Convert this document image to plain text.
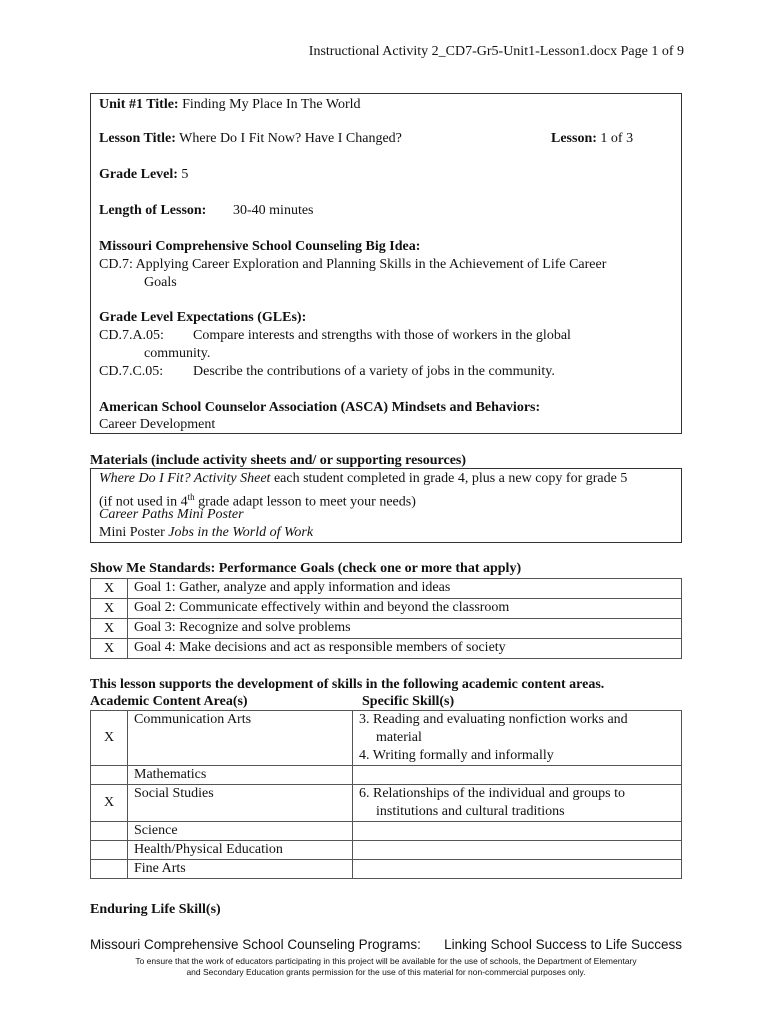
Instructional Activity 2_CD7-Gr5-Unit1-Lesson1.docx Page 1 of 9
Unit #1 Title: Finding My Place In The World
Lesson Title: Where Do I Fit Now? Have I Changed?	Lesson: 1 of 3
Grade Level: 5
Length of Lesson: 30-40 minutes
Missouri Comprehensive School Counseling Big Idea:
CD.7: Applying Career Exploration and Planning Skills in the Achievement of Life Career
Goals
Grade Level Expectations (GLEs):
CD.7.A.05: Compare interests and strengths with those of workers in the global
community.
CD.7.C.05: Describe the contributions of a variety of jobs in the community.
American School Counselor Association (ASCA) Mindsets and Behaviors:
Career Development
Materials (include activity sheets and/ or supporting resources)
Where Do I Fit? Activity Sheet each student completed in grade 4, plus a new copy for grade 5
(if not used in 4th grade adapt lesson to meet your needs)
Career Paths Mini Poster
Mini Poster Jobs in the World of Work
Show Me Standards: Performance Goals (check one or more that apply)
X	Goal 1: Gather, analyze and apply information and ideas
X	Goal 2: Communicate effectively within and beyond the classroom
X	Goal 3: Recognize and solve problems
X	Goal 4: Make decisions and act as responsible members of society
This lesson supports the development of skills in the following academic content areas.
Academic Content Area(s)	Specific Skill(s)
X	Communication Arts	3. Reading and evaluating nonfiction works and
material
4. Writing formally and informally

	Mathematics	
X	Social Studies	6. Relationships of the individual and groups to
institutions and cultural traditions

	Science	
	Health/Physical Education	
	Fine Arts	
Enduring Life Skill(s)
Missouri Comprehensive School Counseling Programs: Linking School Success to Life Success
To ensure that the work of educators participating in this project will be available for the use of schools, the Department of Elementary
and Secondary Education grants permission for the use of this material for non-commercial purposes only.
